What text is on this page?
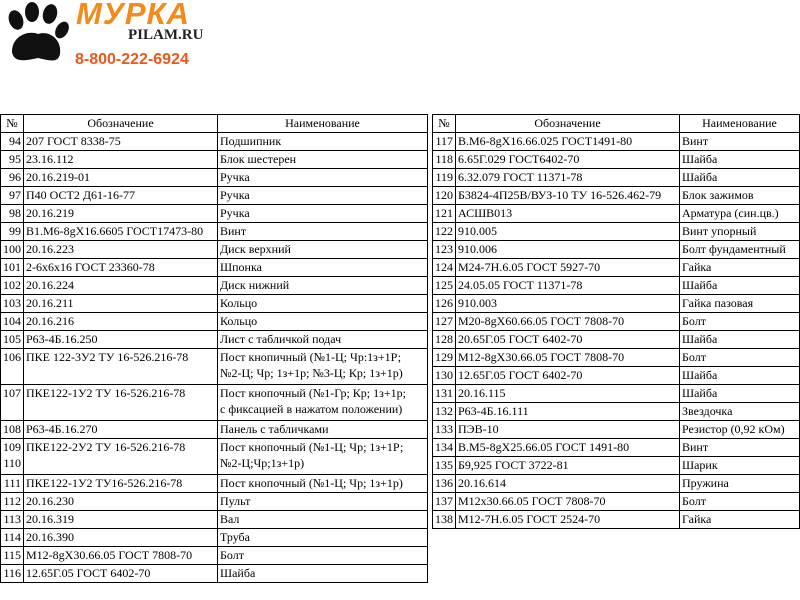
МУРКА
PILAM.RU
8-800-222-6924
№	Обозначение	Наименование

94	207 ГОСТ 8338-75	Подшипник

95	23.16.112	Блок шестерен

96	20.16.219-01	Ручка

97	П40 ОСТ2 Д61-16-77	Ручка

98	20.16.219	Ручка

99	В1.М6-8gX16.6605 ГОСТ17473-80	Винт

100	20.16.223	Диск верхний

101	2-6х6х16 ГОСТ 23360-78	Шпонка

102	20.16.224	Диск нижний

103	20.16.211	Кольцо

104	20.16.216	Кольцо

105	Р63-4Б.16.250	Лист с табличкой подач

106	ПКЕ 122-3У2 ТУ 16-526.216-78	Пост кнопичный (№1-Ц; Чр:1з+1Р;
№2-Ц; Чр; 1з+1р; №3-Ц; Кр; 1з+1р)

107	ПКЕ122-1У2 ТУ 16-526.216-78	Пост кнопочный (№1-Гр; Кр; 1з+1р;
с фиксацией в нажатом положении)

108	Р63-4Б.16.270	Панель с табличками

109
110	ПКЕ122-2У2 ТУ 16-526.216-78	Пост кнопочный (№1-Ц; Чр; 1з+1Р;
№2-Ц;Чр;1з+1р)

111	ПКЕ122-1У2 ТУ16-526.216-78	Пост кнопочный (№1-Ц; Чр; 1з+1р)

112	20.16.230	Пульт

113	20.16.319	Вал

114	20.16.390	Труба

115	М12-8gX30.66.05 ГОСТ 7808-70	Болт

116	12.65Г.05 ГОСТ 6402-70	Шайба
№	Обозначение	Наименование

117	В.М6-8gX16.66.025 ГОСТ1491-80	Винт

118	6.65Г.029 ГОСТ6402-70	Шайба

119	6.32.079 ГОСТ 11371-78	Шайба

120	Б3824-4П25В/ВУЗ-10 ТУ 16-526.462-79	Блок зажимов

121	АСШВ013	Арматура (син.цв.)

122	910.005	Винт упорный

123	910.006	Болт фундаментный

124	М24-7Н.6.05 ГОСТ 5927-70	Гайка

125	24.05.05 ГОСТ 11371-78	Шайба

126	910.003	Гайка пазовая

127	М20-8gX60.66.05 ГОСТ 7808-70	Болт

128	20.65Г.05 ГОСТ 6402-70	Шайба

129	М12-8gX30.66.05 ГОСТ 7808-70	Болт

130	12.65Г.05 ГОСТ 6402-70	Шайба

131	20.16.115	Шайба

132	Р63-4Б.16.111	Звездочка

133	ПЭВ-10	Резистор (0,92 кОм)

134	В.М5-8gX25.66.05 ГОСТ 1491-80	Винт

135	Б9,925 ГОСТ 3722-81	Шарик

136	20.16.614	Пружина

137	М12х30.66.05 ГОСТ 7808-70	Болт

138	М12-7Н.6.05 ГОСТ 2524-70	Гайка
